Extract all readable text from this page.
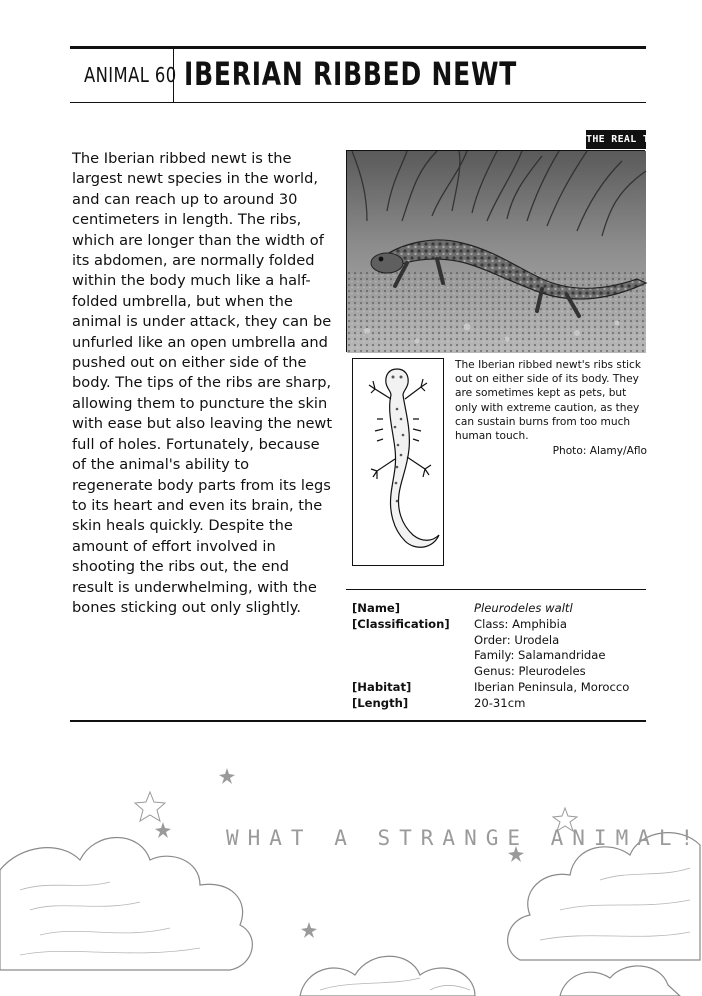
ANIMAL 60 IBERIAN RIBBED NEWT

The Iberian ribbed newt is the largest newt species in the world, and can reach up to around 30 centimeters in length. The ribs, which are longer than the width of its abdomen, are normally folded within the body much like a half-folded umbrella, but when the animal is under attack, they can be unfurled like an open umbrella and pushed out on either side of the body. The tips of the ribs are sharp, allowing them to puncture the skin with ease but also leaving the newt full of holes. Fortunately, because of the animal's ability to regenerate body parts from its legs to its heart and even its brain, the skin heals quickly. Despite the amount of effort involved in shooting the ribs out, the end result is underwhelming, with the bones sticking out only slightly.

THE REAL THING

The Iberian ribbed newt's ribs stick out on either side of its body. They are sometimes kept as pets, but only with extreme caution, as they can sustain burns from too much human touch.

Photo: Alamy/Aflo

[Name]	Pleurodeles waltl
[Classification]	Class: Amphibia
Order: Urodela
Family: Salamandridae
Genus: Pleurodeles
[Habitat]	Iberian Peninsula, Morocco
[Length]	20-31cm
WHAT A STRANGE ANIMAL!
